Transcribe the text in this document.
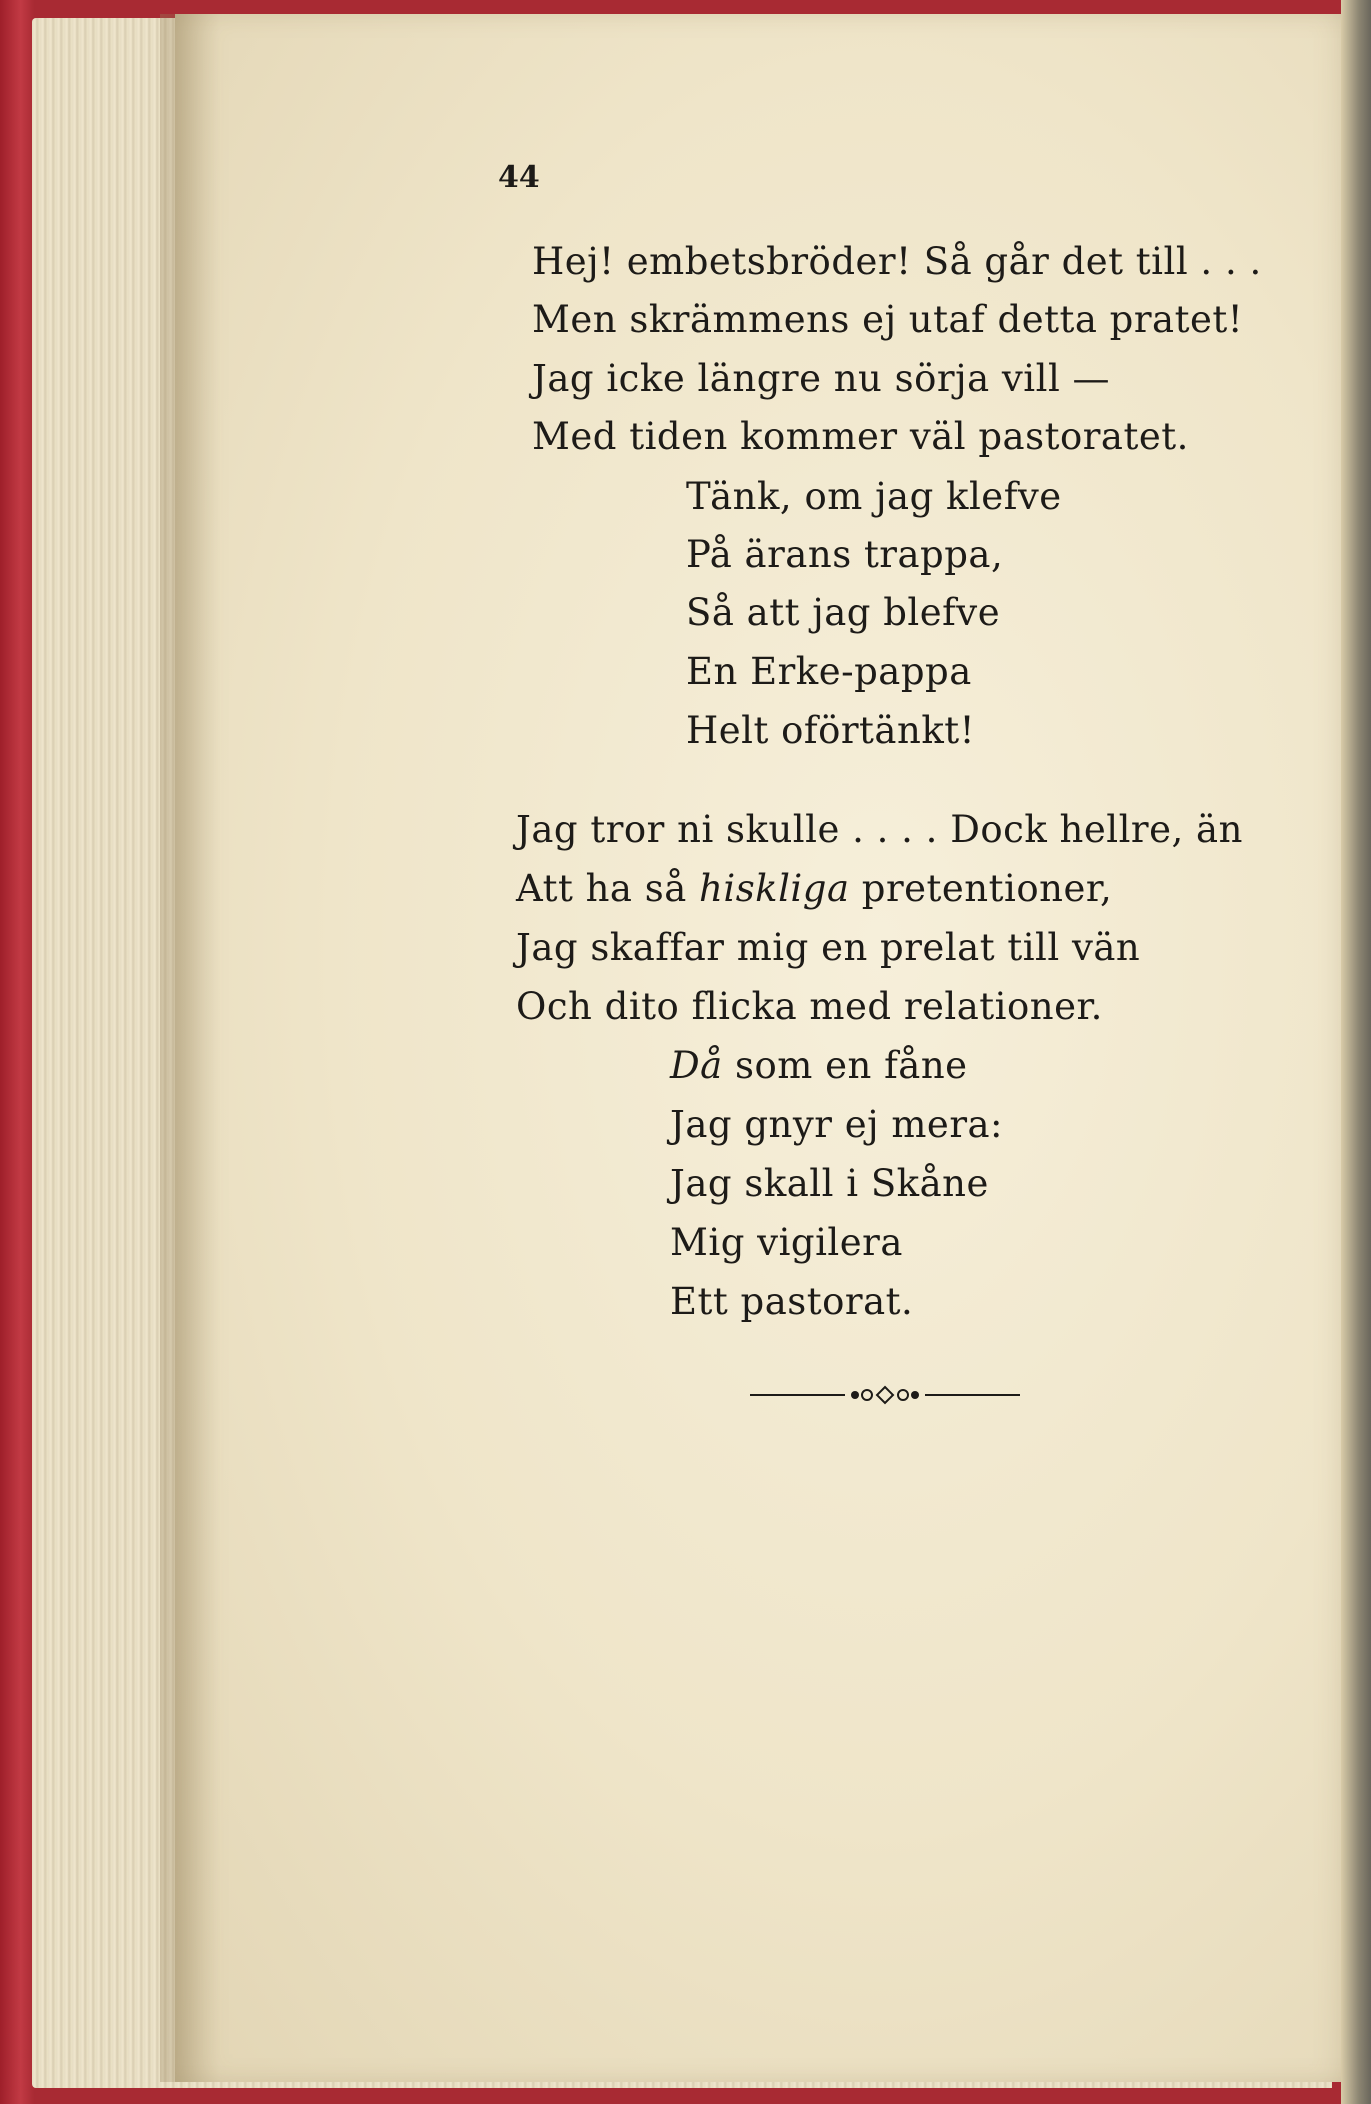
44
Hej! embetsbröder! Så går det till . . .
Men skrämmens ej utaf detta pratet!
Jag icke längre nu sörja vill —
Med tiden kommer väl pastoratet.
Tänk, om jag klefve
På ärans trappa,
Så att jag blefve
En Erke-pappa
Helt oförtänkt!
Jag tror ni skulle . . . . Dock hellre, än
Att ha så hiskliga pretentioner,
Jag skaffar mig en prelat till vän
Och dito flicka med relationer.
Då som en fåne
Jag gnyr ej mera:
Jag skall i Skåne
Mig vigilera
Ett pastorat.
